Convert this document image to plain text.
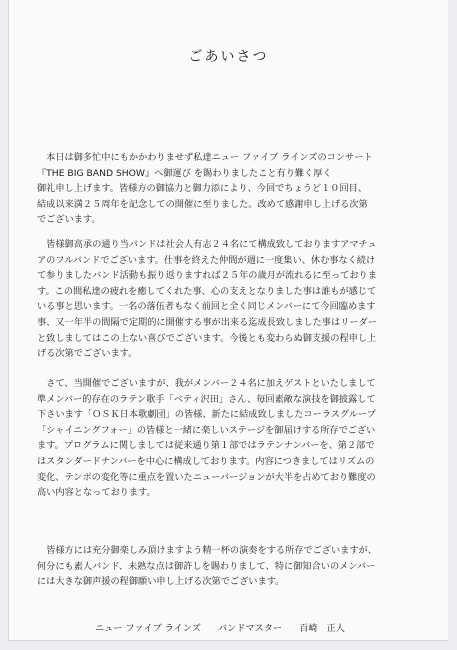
ごあいさつ

　本日は御多忙中にもかかわりませず私達ニュー ファイブ ラインズのコンサート
『THE BIG BAND SHOW』へ御運び を賜わりましたこと有り難く厚く
御礼申し上げます。皆様方の御協力と御力添により、今回でちょうど１０回目、
結成以来満２５周年を記念しての開催に至りました。改めて感謝申し上げる次第
でございます。

　皆様御高承の通り当バンドは社会人有志２４名にて構成致しておりますアマチュ
アのフルバンドでございます。仕事を終えた仲間が週に一度集い、休む事なく続け
て参りましたバンド活動も振り返りますれば２５年の歳月が流れるに至っておりま
す。この間私達の疲れを癒してくれた事、心の支えとなりました事は誰もが感じて
いる事と思います。一名の落伍者もなく前回と全く同じメンバーにて今回臨めます
事、又一年半の間隔で定期的に開催する事が出来る迄成長致しました事はリーダー
と致しましてはこの上ない喜びでございます。今後とも変わらぬ御支援の程申し上
げる次第でございます。

　さて、当開催でございますが、我がメンバー２４名に加えゲストといたしまして
準メンバー的存在のラテン歌手「ベティ沢田」さん、毎回素敵な演技を御披露して
下さいます「ＯＳＫ日本歌劇団」の皆様、新たに結成致しましたコーラスグループ
「シャイニングフォー」の皆様と一緒に楽しいステージを御届けする所存でござい
ます。プログラムに関しましては従来通り第１部ではラテンナンバーを、第２部で
はスタンダードナンバーを中心に構成しております。内容につきましてはリズムの
変化、テンポの変化等に重点を置いたニューバージョンが大半を占めており難度の
高い内容となっております。

　皆様方には充分御楽しみ頂けますよう精一杯の演奏をする所存でございますが、
何分にも素人バンド、未熟な点は御許しを賜わりまして、特に御知合いのメンバー
には大きな御声援の程御願い申し上げる次第でございます。

ニュー ファイブ ラインズ バンドマスター 百崎　正人
